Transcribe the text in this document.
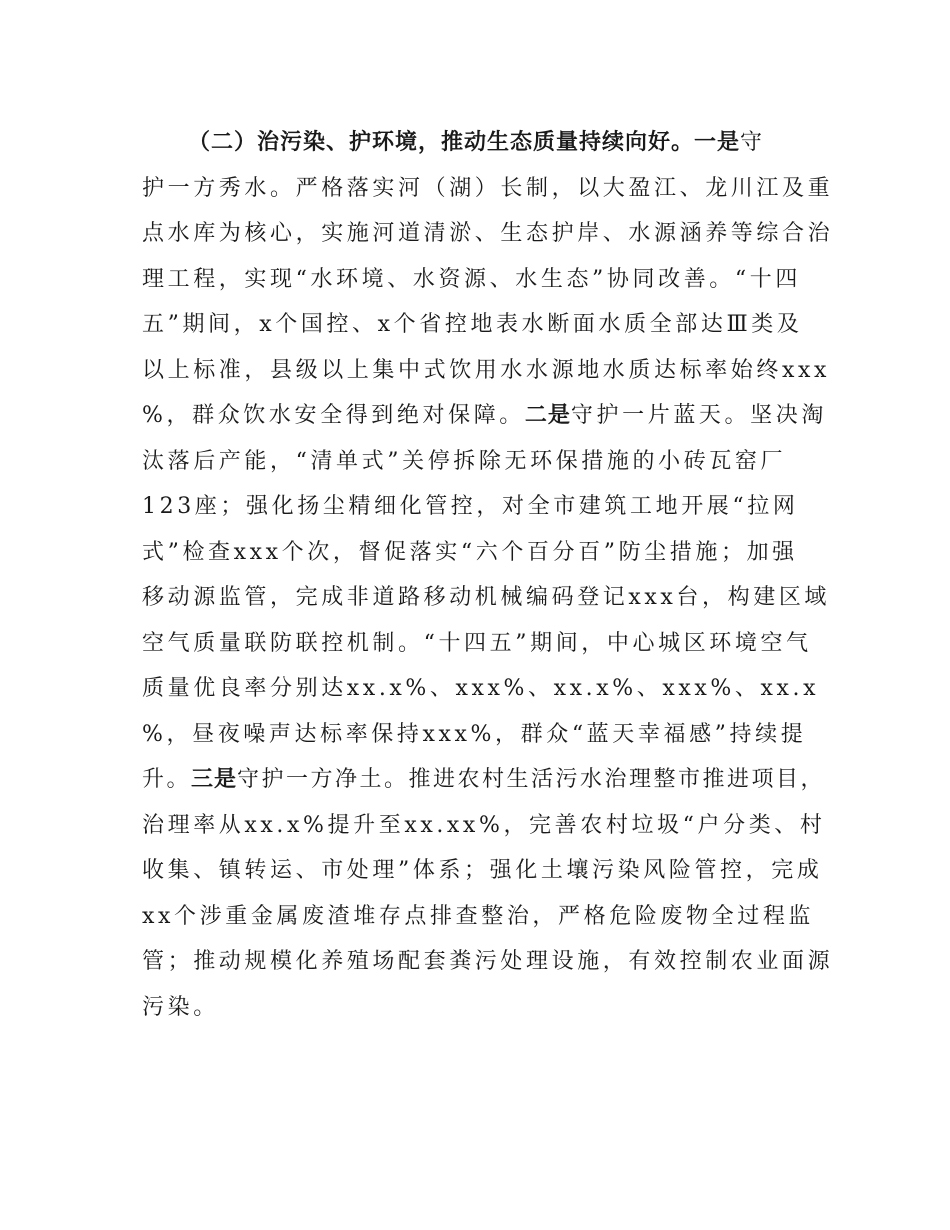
（二）治污染、护环境，推动生态质量持续向好。一是守
护一方秀水。严格落实河（湖）长制，以大盈江、龙川江及重
点水库为核心，实施河道清淤、生态护岸、水源涵养等综合治
理工程，实现“水环境、水资源、水生态”协同改善。“十四
五”期间，x个国控、x个省控地表水断面水质全部达Ⅲ类及
以上标准，县级以上集中式饮用水水源地水质达标率始终xxx
%，群众饮水安全得到绝对保障。二是守护一片蓝天。坚决淘
汰落后产能，“清单式”关停拆除无环保措施的小砖瓦窑厂
123座；强化扬尘精细化管控，对全市建筑工地开展“拉网
式”检查xxx个次，督促落实“六个百分百”防尘措施；加强
移动源监管，完成非道路移动机械编码登记xxx台，构建区域
空气质量联防联控机制。“十四五”期间，中心城区环境空气
质量优良率分别达xx.x%、xxx%、xx.x%、xxx%、xx.x
%，昼夜噪声达标率保持xxx%，群众“蓝天幸福感”持续提
升。三是守护一方净土。推进农村生活污水治理整市推进项目，
治理率从xx.x%提升至xx.xx%，完善农村垃圾“户分类、村
收集、镇转运、市处理”体系；强化土壤污染风险管控，完成
xx个涉重金属废渣堆存点排查整治，严格危险废物全过程监
管；推动规模化养殖场配套粪污处理设施，有效控制农业面源
污染。
